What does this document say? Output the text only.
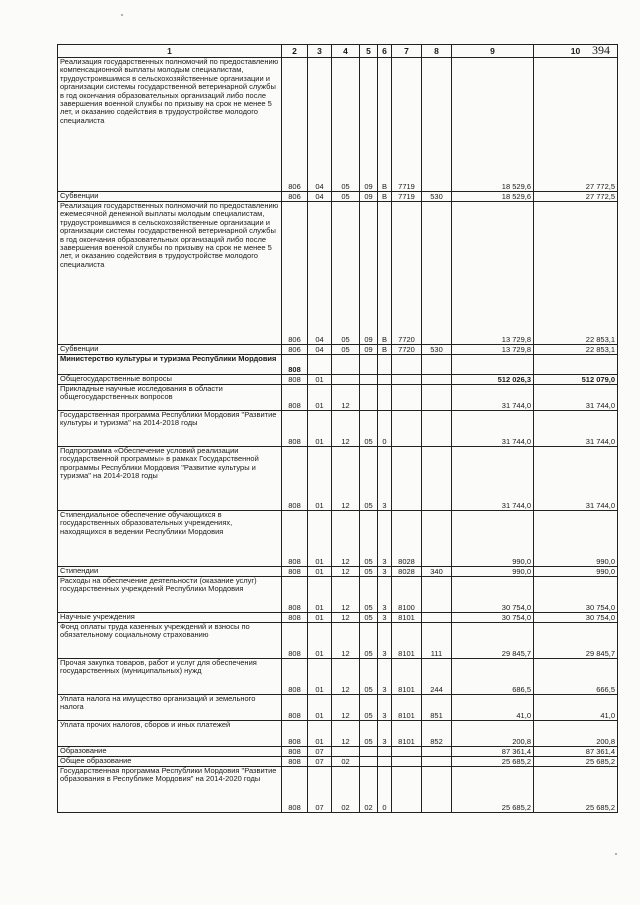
394
1	2	3	4	5	6	7	8	9	10
Реализация государственных полномочий по предоставлению компенсационной выплаты молодым специалистам, трудоустроившимся в сельскохозяйственные организации и организации системы государственной ветеринарной службы в год окончания образовательных организаций либо после завершения военной службы по призыву на срок не менее 5 лет, и оказанию содействия в трудоустройстве молодого специалиста	806	04	05	09	В	7719		18 529,6	27 772,5
Субвенции	806	04	05	09	В	7719	530	18 529,6	27 772,5
Реализация государственных полномочий по предоставлению ежемесячной денежной выплаты молодым специалистам, трудоустроившимся в сельскохозяйственные организации и организации системы государственной ветеринарной службы в год окончания образовательных организаций либо после завершения военной службы по призыву на срок не менее 5 лет, и оказанию содействия в трудоустройстве молодого специалиста	806	04	05	09	В	7720		13 729,8	22 853,1
Субвенции	806	04	05	09	В	7720	530	13 729,8	22 853,1
Министерство культуры и туризма Республики Мордовия	808								
Общегосударственные вопросы	808	01						512 026,3	512 079,0
Прикладные научные исследования в области общегосударственных вопросов	808	01	12					31 744,0	31 744,0
Государственная программа Республики Мордовия "Развитие культуры и туризма" на 2014-2018 годы	808	01	12	05	0			31 744,0	31 744,0
Подпрограмма «Обеспечение условий реализации государственной программы» в рамках Государственной программы Республики Мордовия "Развитие культуры и туризма" на 2014-2018 годы	808	01	12	05	3			31 744,0	31 744,0
Стипендиальное обеспечение обучающихся в государственных образовательных учреждениях, находящихся в ведении Республики Мордовия	808	01	12	05	3	8028		990,0	990,0
Стипендии	808	01	12	05	3	8028	340	990,0	990,0
Расходы на обеспечение деятельности (оказание услуг) государственных учреждений Республики Мордовия	808	01	12	05	3	8100		30 754,0	30 754,0
Научные учреждения	808	01	12	05	3	8101		30 754,0	30 754,0
Фонд оплаты труда казенных учреждений и взносы по обязательному социальному страхованию	808	01	12	05	3	8101	111	29 845,7	29 845,7
Прочая закупка товаров, работ и услуг для обеспечения государственных (муниципальных) нужд	808	01	12	05	3	8101	244	686,5	666,5
Уплата налога на имущество организаций и земельного налога	808	01	12	05	3	8101	851	41,0	41,0
Уплата прочих налогов, сборов и иных платежей	808	01	12	05	3	8101	852	200,8	200,8
Образование	808	07						87 361,4	87 361,4
Общее образование	808	07	02					25 685,2	25 685,2
Государственная программа Республики Мордовия "Развитие образования в Республике Мордовия" на 2014-2020 годы	808	07	02	02	0			25 685,2	25 685,2
